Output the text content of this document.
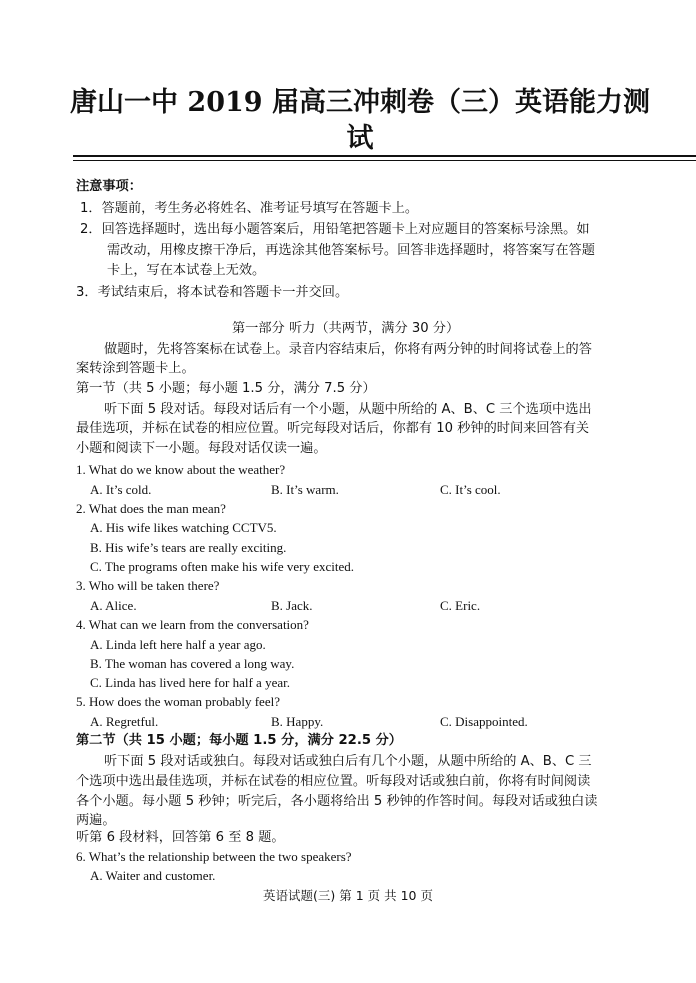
唐山一中 2019 届高三冲刺卷（三）英语能力测
试
注意事项：
1．答题前，考生务必将姓名、准考证号填写在答题卡上。
2．回答选择题时，选出每小题答案后，用铅笔把答题卡上对应题目的答案标号涂黑。如
需改动，用橡皮擦干净后，再选涂其他答案标号。回答非选择题时，将答案写在答题
卡上，写在本试卷上无效。
3．考试结束后，将本试卷和答题卡一并交回。
第一部分 听力（共两节，满分 30 分）
做题时，先将答案标在试卷上。录音内容结束后，你将有两分钟的时间将试卷上的答
案转涂到答题卡上。
第一节（共 5 小题；每小题 1.5 分，满分 7.5 分）
听下面 5 段对话。每段对话后有一个小题，从题中所给的 A、B、C 三个选项中选出
最佳选项，并标在试卷的相应位置。听完每段对话后，你都有 10 秒钟的时间来回答有关
小题和阅读下一小题。每段对话仅读一遍。
1. What do we know about the weather?
A. It’s cold.	B. It’s warm.	C. It’s cool.
2. What does the man mean?
A. His wife likes watching CCTV5.
B. His wife’s tears are really exciting.
C. The programs often make his wife very excited.
3. Who will be taken there?
A. Alice.	B. Jack.	C. Eric.
4. What can we learn from the conversation?
A. Linda left here half a year ago.
B. The woman has covered a long way.
C. Linda has lived here for half a year.
5. How does the woman probably feel?
A. Regretful.	B. Happy.	C. Disappointed.
第二节（共 15 小题；每小题 1.5 分，满分 22.5 分）
听下面 5 段对话或独白。每段对话或独白后有几个小题，从题中所给的 A、B、C 三
个选项中选出最佳选项，并标在试卷的相应位置。听每段对话或独白前，你将有时间阅读
各个小题。每小题 5 秒钟；听完后，各小题将给出 5 秒钟的作答时间。每段对话或独白读
两遍。
听第 6 段材料，回答第 6 至 8 题。
6. What’s the relationship between the two speakers?
A. Waiter and customer.
英语试题(三) 第 1 页 共 10 页
